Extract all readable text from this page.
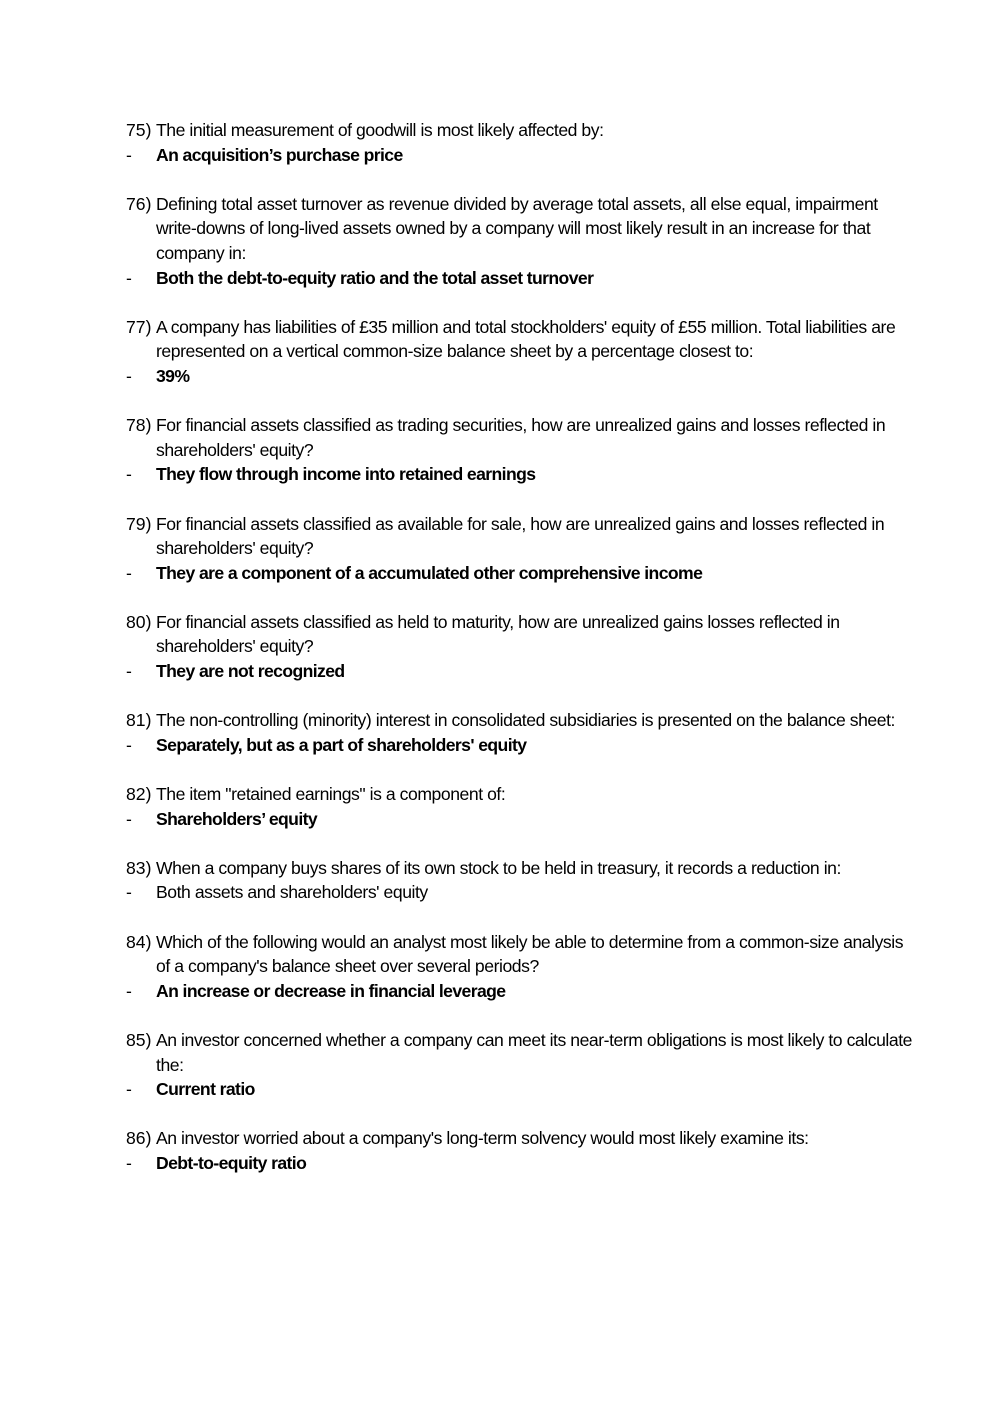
75) The initial measurement of goodwill is most likely affected by:
-	An acquisition’s purchase price
76) Defining total asset turnover as revenue divided by average total assets, all else equal, impairment write-downs of long-lived assets owned by a company will most likely result in an increase for that company in:
-	Both the debt-to-equity ratio and the total asset turnover
77) A company has liabilities of £35 million and total stockholders' equity of £55 million. Total liabilities are represented on a vertical common-size balance sheet by a percentage closest to:
-	39%
78) For financial assets classified as trading securities, how are unrealized gains and losses reflected in shareholders' equity?
-	They flow through income into retained earnings
79) For financial assets classified as available for sale, how are unrealized gains and losses reflected in shareholders' equity?
-	They are a component of a accumulated other comprehensive income
80) For financial assets classified as held to maturity, how are unrealized gains losses reflected in shareholders' equity?
-	They are not recognized
81) The non-controlling (minority) interest in consolidated subsidiaries is presented on the balance sheet:
-	Separately, but as a part of shareholders' equity
82) The item "retained earnings" is a component of:
-	Shareholders’ equity
83) When a company buys shares of its own stock to be held in treasury, it records a reduction in:
-	Both assets and shareholders' equity
84) Which of the following would an analyst most likely be able to determine from a common-size analysis of a company's balance sheet over several periods?
-	An increase or decrease in financial leverage
85) An investor concerned whether a company can meet its near-term obligations is most likely to calculate the:
-	Current ratio
86) An investor worried about a company's long-term solvency would most likely examine its:
-	Debt-to-equity ratio
